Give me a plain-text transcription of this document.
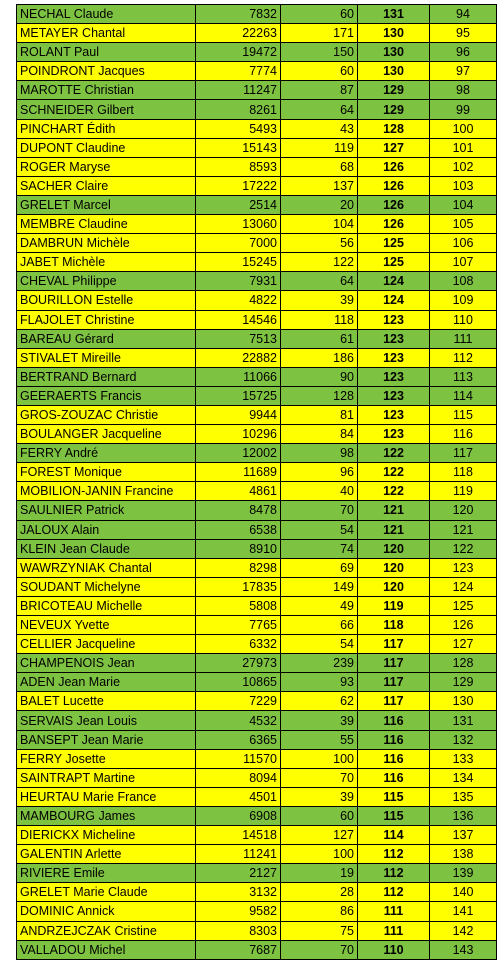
NECHAL Claude	7832	60	131	94
METAYER Chantal	22263	171	130	95
ROLANT Paul	19472	150	130	96
POINDRONT Jacques	7774	60	130	97
MAROTTE Christian	11247	87	129	98
SCHNEIDER Gilbert	8261	64	129	99
PINCHART Édith	5493	43	128	100
DUPONT Claudine	15143	119	127	101
ROGER Maryse	8593	68	126	102
SACHER Claire	17222	137	126	103
GRELET Marcel	2514	20	126	104
MEMBRE Claudine	13060	104	126	105
DAMBRUN Michèle	7000	56	125	106
JABET Michèle	15245	122	125	107
CHEVAL Philippe	7931	64	124	108
BOURILLON Estelle	4822	39	124	109
FLAJOLET Christine	14546	118	123	110
BAREAU Gérard	7513	61	123	111
STIVALET Mireille	22882	186	123	112
BERTRAND Bernard	11066	90	123	113
GEERAERTS Francis	15725	128	123	114
GROS-ZOUZAC Christie	9944	81	123	115
BOULANGER Jacqueline	10296	84	123	116
FERRY André	12002	98	122	117
FOREST Monique	11689	96	122	118
MOBILION-JANIN Francine	4861	40	122	119
SAULNIER Patrick	8478	70	121	120
JALOUX Alain	6538	54	121	121
KLEIN Jean Claude	8910	74	120	122
WAWRZYNIAK Chantal	8298	69	120	123
SOUDANT Michelyne	17835	149	120	124
BRICOTEAU Michelle	5808	49	119	125
NEVEUX Yvette	7765	66	118	126
CELLIER Jacqueline	6332	54	117	127
CHAMPENOIS Jean	27973	239	117	128
ADEN Jean Marie	10865	93	117	129
BALET Lucette	7229	62	117	130
SERVAIS Jean Louis	4532	39	116	131
BANSEPT Jean Marie	6365	55	116	132
FERRY Josette	11570	100	116	133
SAINTRAPT Martine	8094	70	116	134
HEURTAU Marie France	4501	39	115	135
MAMBOURG James	6908	60	115	136
DIERICKX Micheline	14518	127	114	137
GALENTIN Arlette	11241	100	112	138
RIVIERE Emile	2127	19	112	139
GRELET Marie Claude	3132	28	112	140
DOMINIC Annick	9582	86	111	141
ANDRZEJCZAK Cristine	8303	75	111	142
VALLADOU Michel	7687	70	110	143
